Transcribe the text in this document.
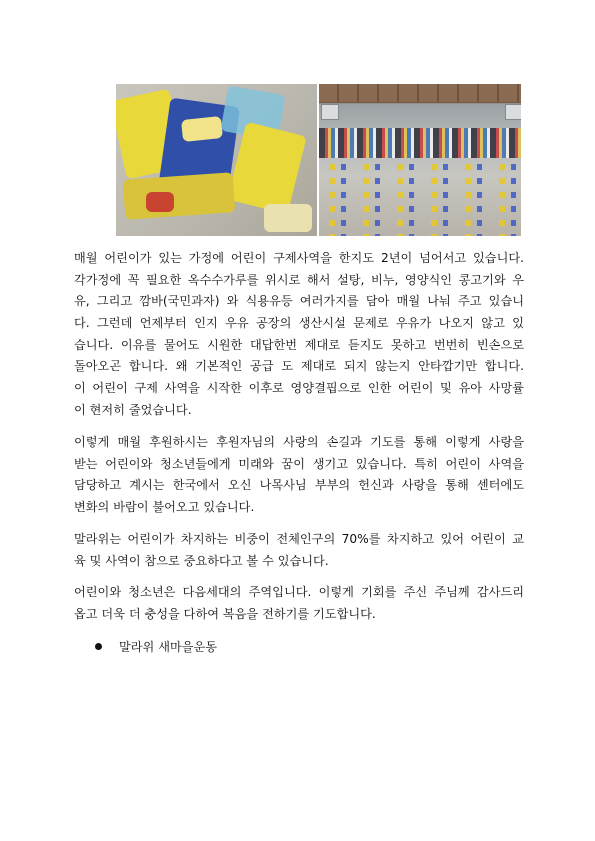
매월 어린이가 있는 가정에 어린이 구제사역을 한지도 2년이 넘어서고 있습니다.
각가정에 꼭 필요한 옥수수가루를 위시로 해서 설탕, 비누, 영양식인 콩고기와 우
유, 그리고 깜바(국민과자) 와 식용유등 여러가지를 담아 매월 나눠 주고 있습니
다. 그런데 언제부터 인지 우유 공장의 생산시설 문제로 우유가 나오지 않고 있
습니다. 이유를 물어도 시원한 대답한번 제대로 듣지도 못하고 번번히 빈손으로
돌아오곤 합니다. 왜 기본적인 공급 도 제대로 되지 않는지 안타깝기만 합니다.
이 어린이 구제 사역을 시작한 이후로 영양결핍으로 인한 어린이 및 유아 사망률
이 현저히 줄었습니다.

이렇게 매월 후원하시는 후원자님의 사랑의 손길과 기도를 통해 이렇게 사랑을
받는 어린이와 청소년들에게 미래와 꿈이 생기고 있습니다. 특히 어린이 사역을
담당하고 계시는 한국에서 오신 나목사님 부부의 헌신과 사랑을 통해 센터에도
변화의 바람이 불어오고 있습니다.

말라위는 어린이가 차지하는 비중이 전체인구의 70%를 차지하고 있어 어린이 교
육 및 사역이 참으로 중요하다고 볼 수 있습니다.

어린이와 청소년은 다음세대의 주역입니다. 이렇게 기회를 주신 주님께 감사드리
옵고 더욱 더 충성을 다하여 복음을 전하기를 기도합니다.

말라위 새마을운동
